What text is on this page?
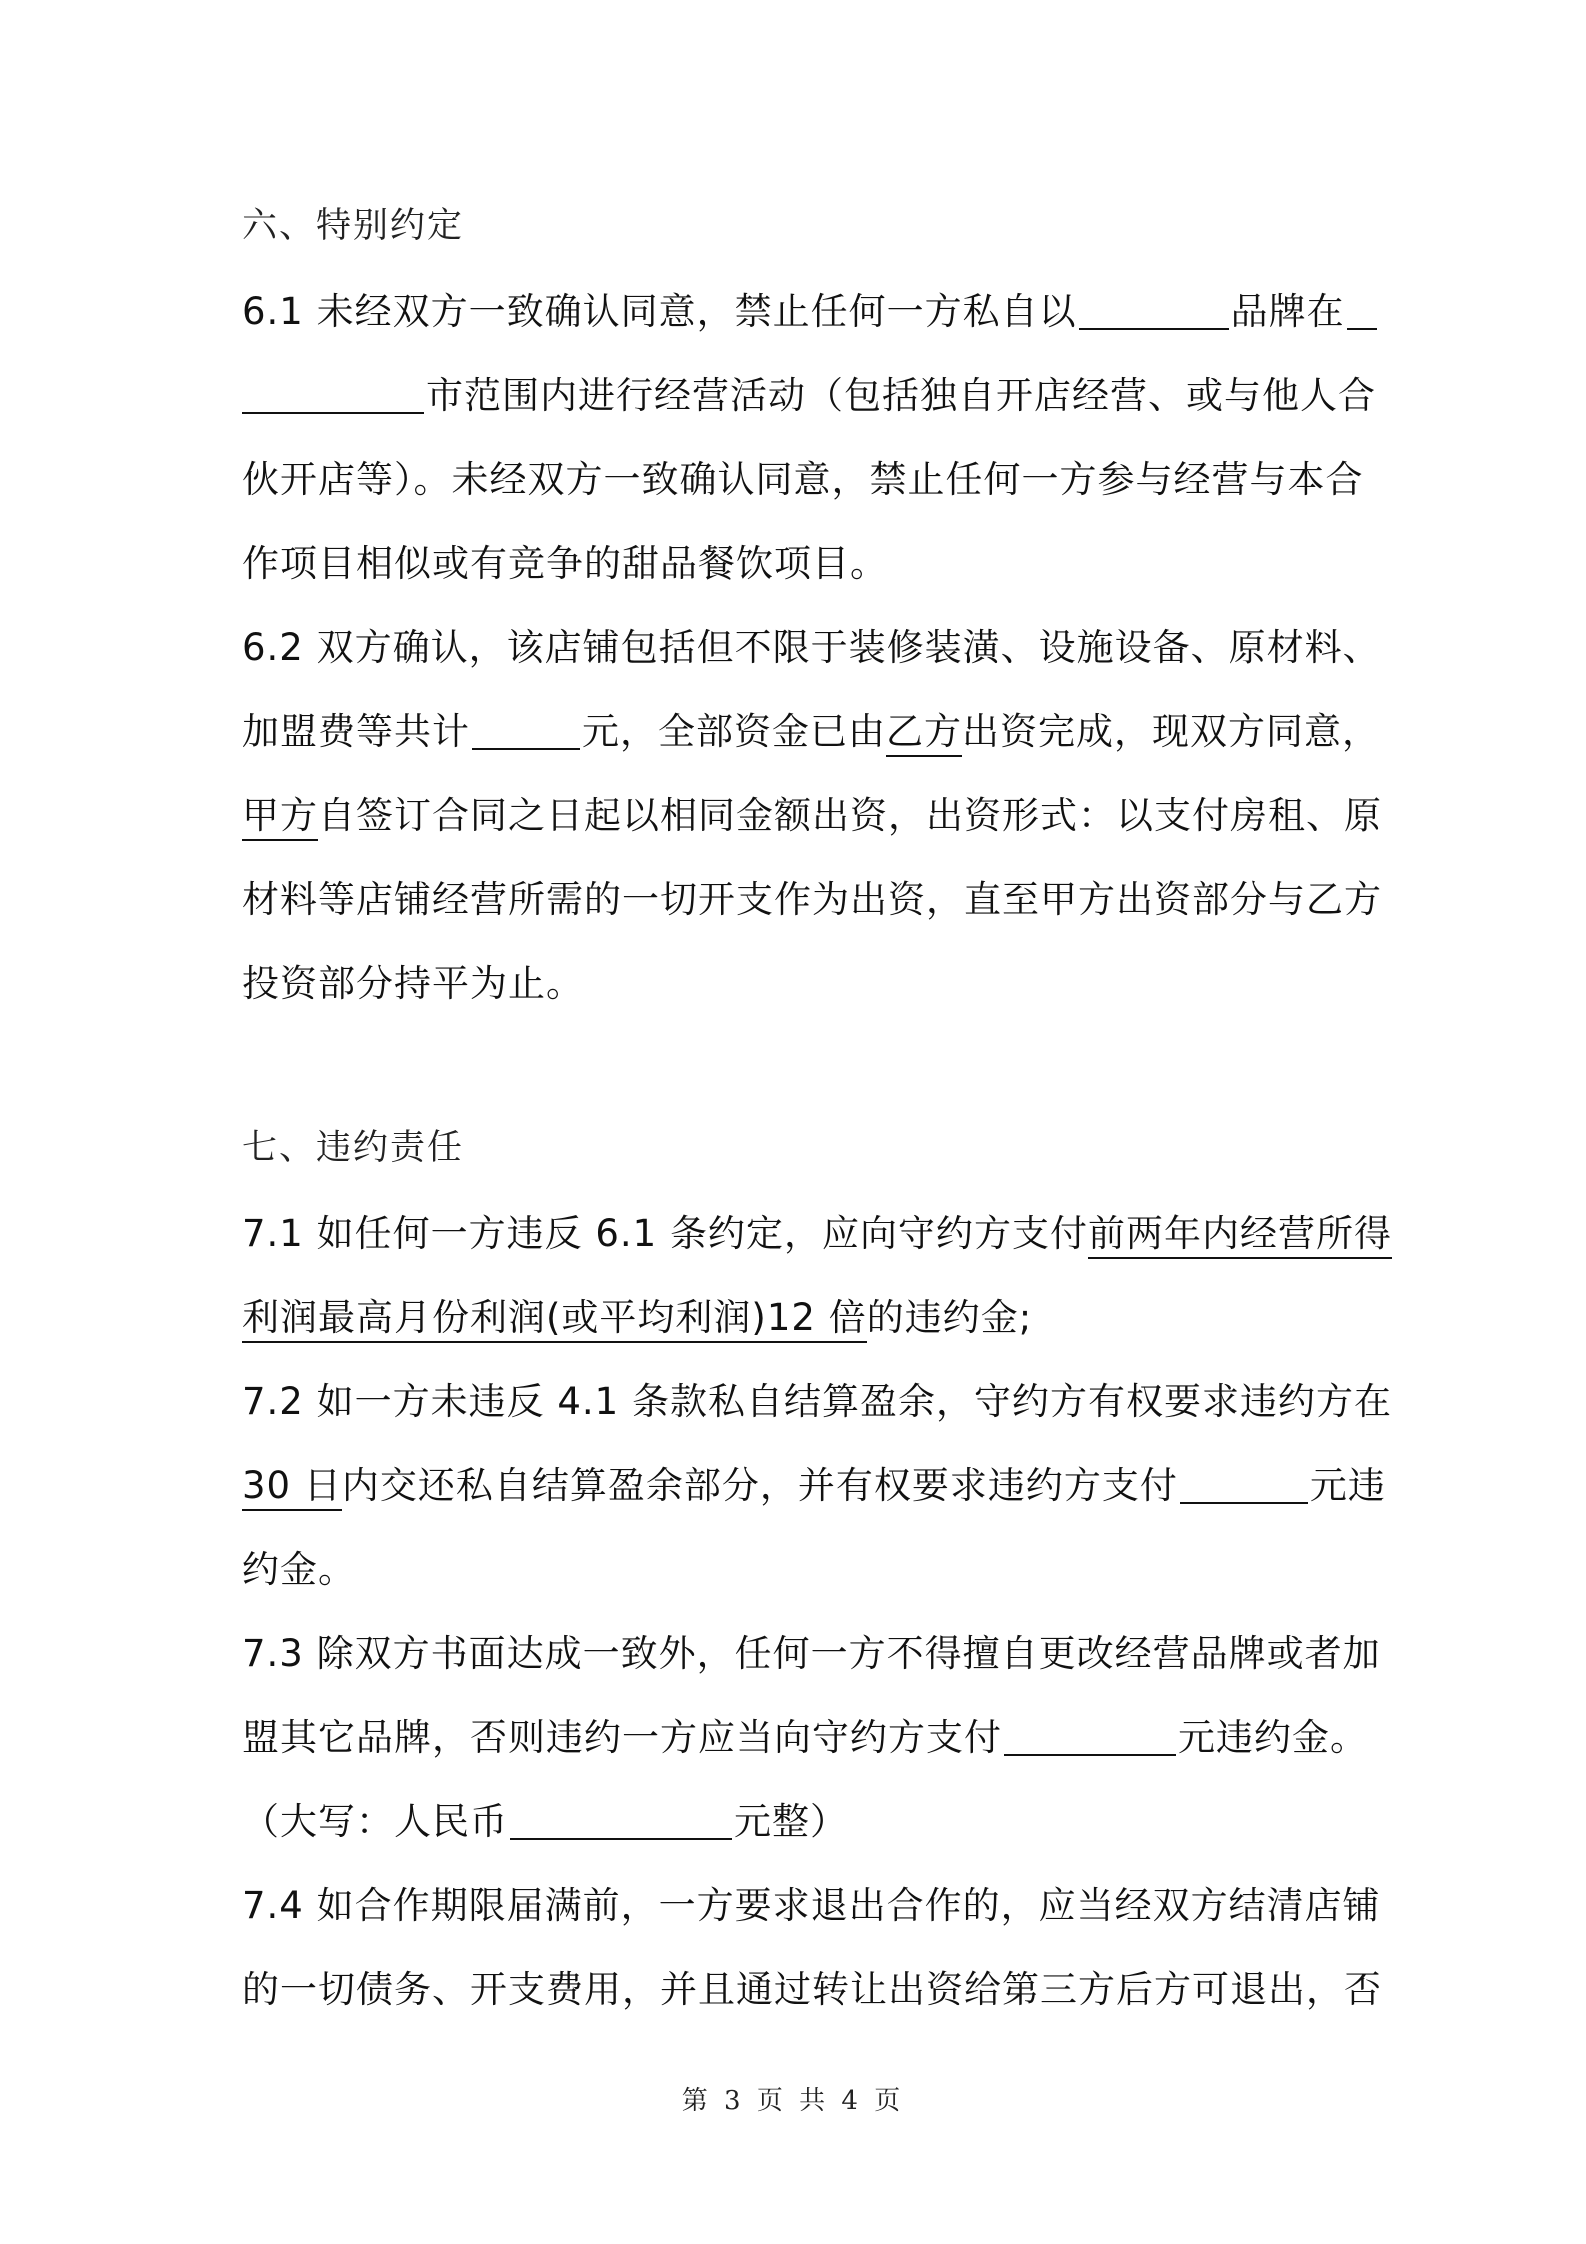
六、特别约定
6.1 未经双方一致确认同意，禁止任何一方私自以	品牌在
市范围内进行经营活动（包括独自开店经营、或与他人合
伙开店等）。未经双方一致确认同意，禁止任何一方参与经营与本合
作项目相似或有竞争的甜品餐饮项目。
6.2 双方确认，该店铺包括但不限于装修装潢、设施设备、原材料、
加盟费等共计	元，全部资金已由乙方出资完成，现双方同意，
甲方自签订合同之日起以相同金额出资，出资形式：以支付房租、原
材料等店铺经营所需的一切开支作为出资，直至甲方出资部分与乙方
投资部分持平为止。
七、违约责任
7.1 如任何一方违反 6.1 条约定，应向守约方支付前两年内经营所得
利润最高月份利润(或平均利润)12 倍的违约金;
7.2 如一方未违反 4.1 条款私自结算盈余，守约方有权要求违约方在
30 日内交还私自结算盈余部分，并有权要求违约方支付	元违
约金。
7.3 除双方书面达成一致外，任何一方不得擅自更改经营品牌或者加
盟其它品牌，否则违约一方应当向守约方支付	元违约金。
（大写：人民币	元整）
7.4 如合作期限届满前，一方要求退出合作的，应当经双方结清店铺
的一切债务、开支费用，并且通过转让出资给第三方后方可退出，否
第 3 页 共 4 页
